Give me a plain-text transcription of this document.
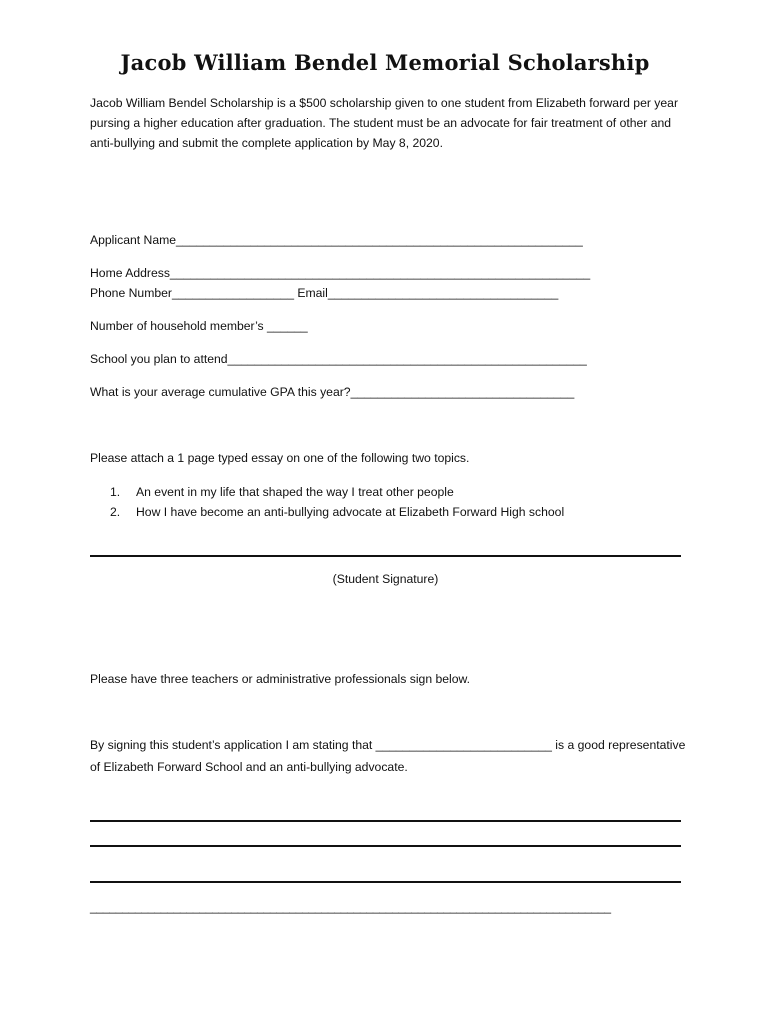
Jacob William Bendel Memorial Scholarship
Jacob William Bendel Scholarship is a $500 scholarship given to one student from Elizabeth forward per year pursing a higher education after graduation. The student must be an advocate for fair treatment of other and anti-bullying and submit the complete application by May 8, 2020.
Applicant Name____________________________________________________________
Home Address______________________________________________________________
Phone Number__________________ Email__________________________________
Number of household member’s ______
School you plan to attend_____________________________________________________
What is your average cumulative GPA this year?_________________________________
Please attach a 1 page typed essay on one of the following two topics.
1. An event in my life that shaped the way I treat other people
2. How I have become an anti-bullying advocate at Elizabeth Forward High school
(Student Signature)
Please have three teachers or administrative professionals sign below.
By signing this student’s application I am stating that __________________________ is a good representative of Elizabeth Forward School and an anti-bullying advocate.
_________________________________________________________________________________
